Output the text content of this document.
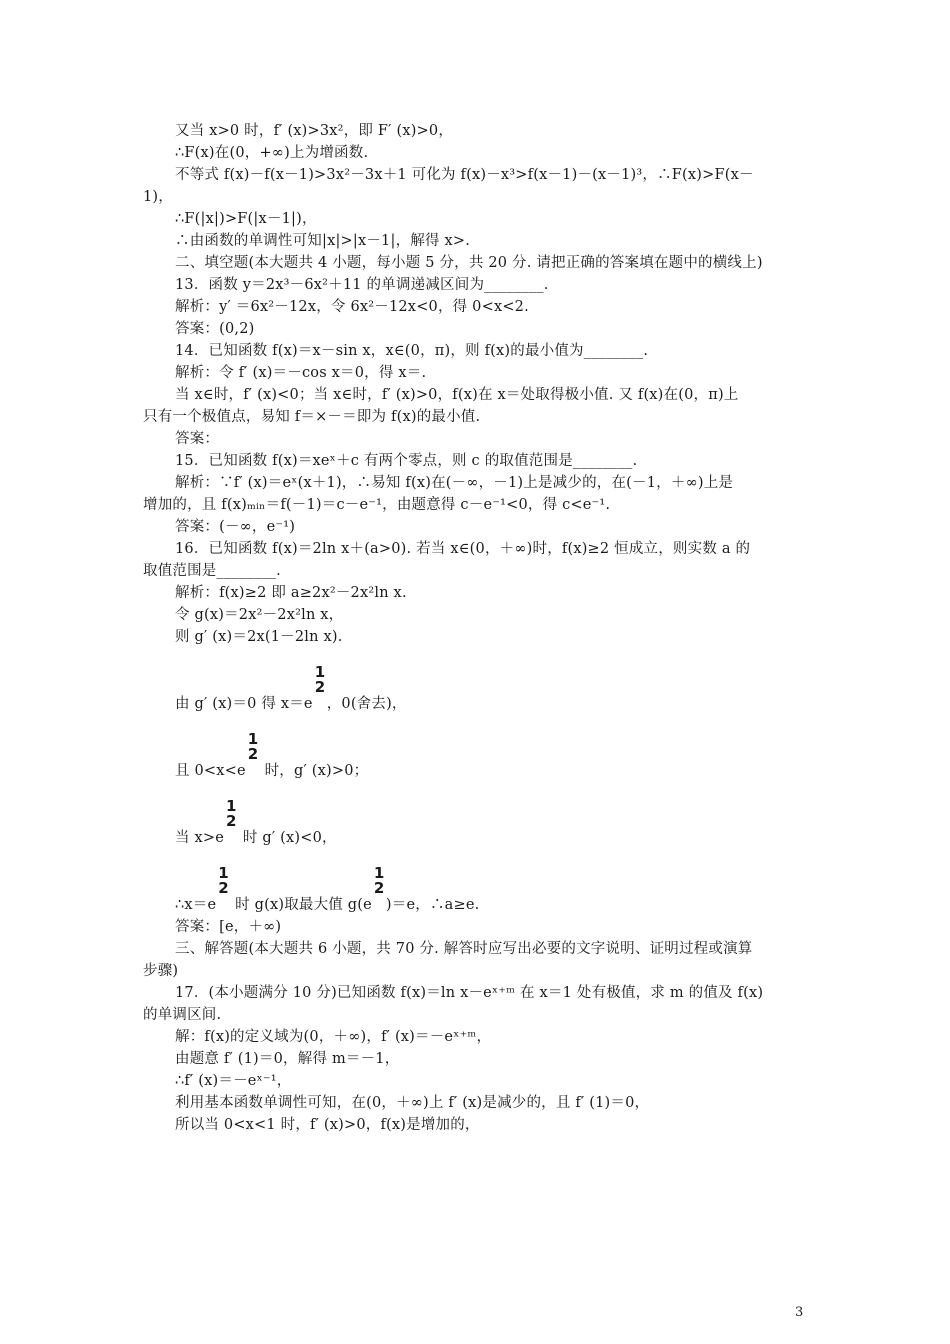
又当 x>0 时，f′ (x)>3x²，即 F′ (x)>0，
∴F(x)在(0，+∞)上为增函数.
不等式 f(x)－f(x－1)>3x²－3x＋1 可化为 f(x)－x³>f(x－1)－(x－1)³，∴F(x)>F(x－
1)，
∴F(|x|)>F(|x－1|)，
∴由函数的单调性可知|x|>|x－1|，解得 x>.
二、填空题(本大题共 4 小题，每小题 5 分，共 20 分. 请把正确的答案填在题中的横线上)
13．函数 y＝2x³－6x²＋11 的单调递减区间为________.
解析：y′ ＝6x²－12x，令 6x²－12x<0，得 0<x<2.
答案：(0,2)
14．已知函数 f(x)＝x－sin x，x∈(0，π)，则 f(x)的最小值为________.
解析：令 f′ (x)＝－cos x＝0，得 x＝.
当 x∈时，f′ (x)<0；当 x∈时，f′ (x)>0，f(x)在 x＝处取得极小值. 又 f(x)在(0，π)上
只有一个极值点，易知 f＝×－＝即为 f(x)的最小值.
答案：
15．已知函数 f(x)＝xeˣ＋c 有两个零点，则 c 的取值范围是________.
解析：∵f′ (x)＝eˣ(x＋1)，∴易知 f(x)在(－∞，－1)上是减少的，在(－1，＋∞)上是
增加的，且 f(x)ₘᵢₙ＝f(－1)＝c－e⁻¹，由题意得 c－e⁻¹<0，得 c<e⁻¹.
答案：(－∞，e⁻¹)
16．已知函数 f(x)＝2ln x＋(a>0). 若当 x∈(0，＋∞)时，f(x)≥2 恒成立，则实数 a 的
取值范围是________.
解析：f(x)≥2 即 a≥2x²－2x²ln x.
令 g(x)＝2x²－2x²ln x，
则 g′ (x)＝2x(1－2ln x).
由 g′ (x)＝0 得 x＝e
1
2
，0(舍去)，
且 0<x<e
1
2
时，g′ (x)>0；
当 x>e
1
2
时 g′ (x)<0，
∴x＝e
1
2
时 g(x)取最大值 g(e
1
2
)＝e，∴a≥e.
答案：[e，＋∞)
三、解答题(本大题共 6 小题，共 70 分. 解答时应写出必要的文字说明、证明过程或演算
步骤)
17．(本小题满分 10 分)已知函数 f(x)＝ln x－eˣ⁺ᵐ 在 x＝1 处有极值，求 m 的值及 f(x)
的单调区间.
解：f(x)的定义域为(0，＋∞)，f′ (x)＝－eˣ⁺ᵐ，
由题意 f′ (1)＝0，解得 m＝－1，
∴f′ (x)＝－eˣ⁻¹，
利用基本函数单调性可知，在(0，＋∞)上 f′ (x)是减少的，且 f′ (1)＝0，
所以当 0<x<1 时，f′ (x)>0，f(x)是增加的，
3
